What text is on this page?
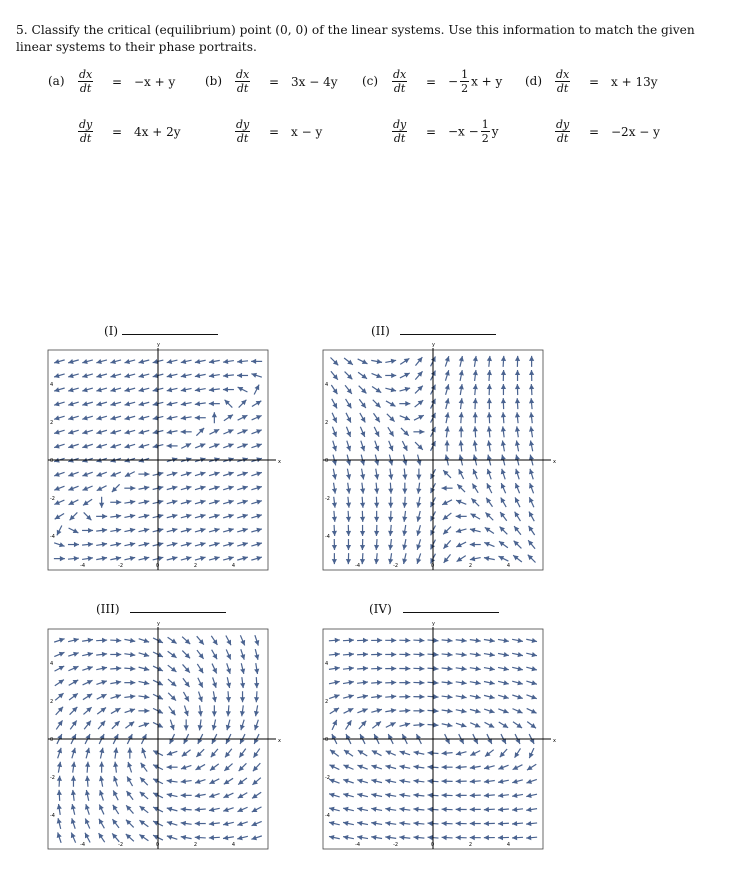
5. Classify the critical (equilibrium) point (0, 0) of the linear systems. Use this information to match the given linear systems to their phase portraits.
$(a) \frac{dx}{dt} = -x + y$
$\frac{dy}{dt} = 4x + 2y$
$(b) \frac{dx}{dt} = 3x - 4y$
$\frac{dy}{dt} = x - y$
$(c) \frac{dx}{dt}$ = − $\frac{1}{2}$ x + y
$\frac{dy}{dt} = -x - \frac{1}{2}$ y
$(d) \frac{dx}{dt} = x + 13y$
$\frac{dy}{dt} = -2x - y$
(I)	(II)
(III)	(IV)
x
y
-4
-4
-2
-2
0
0
2
2
4
4
x
y
-4
-4
-2
-2
0
0
2
2
4
4
x
y
-4
-4
-2
-2
0
0
2
2
4
4
x
y
-4
-4
-2
-2
0
0
2
2
4
4
